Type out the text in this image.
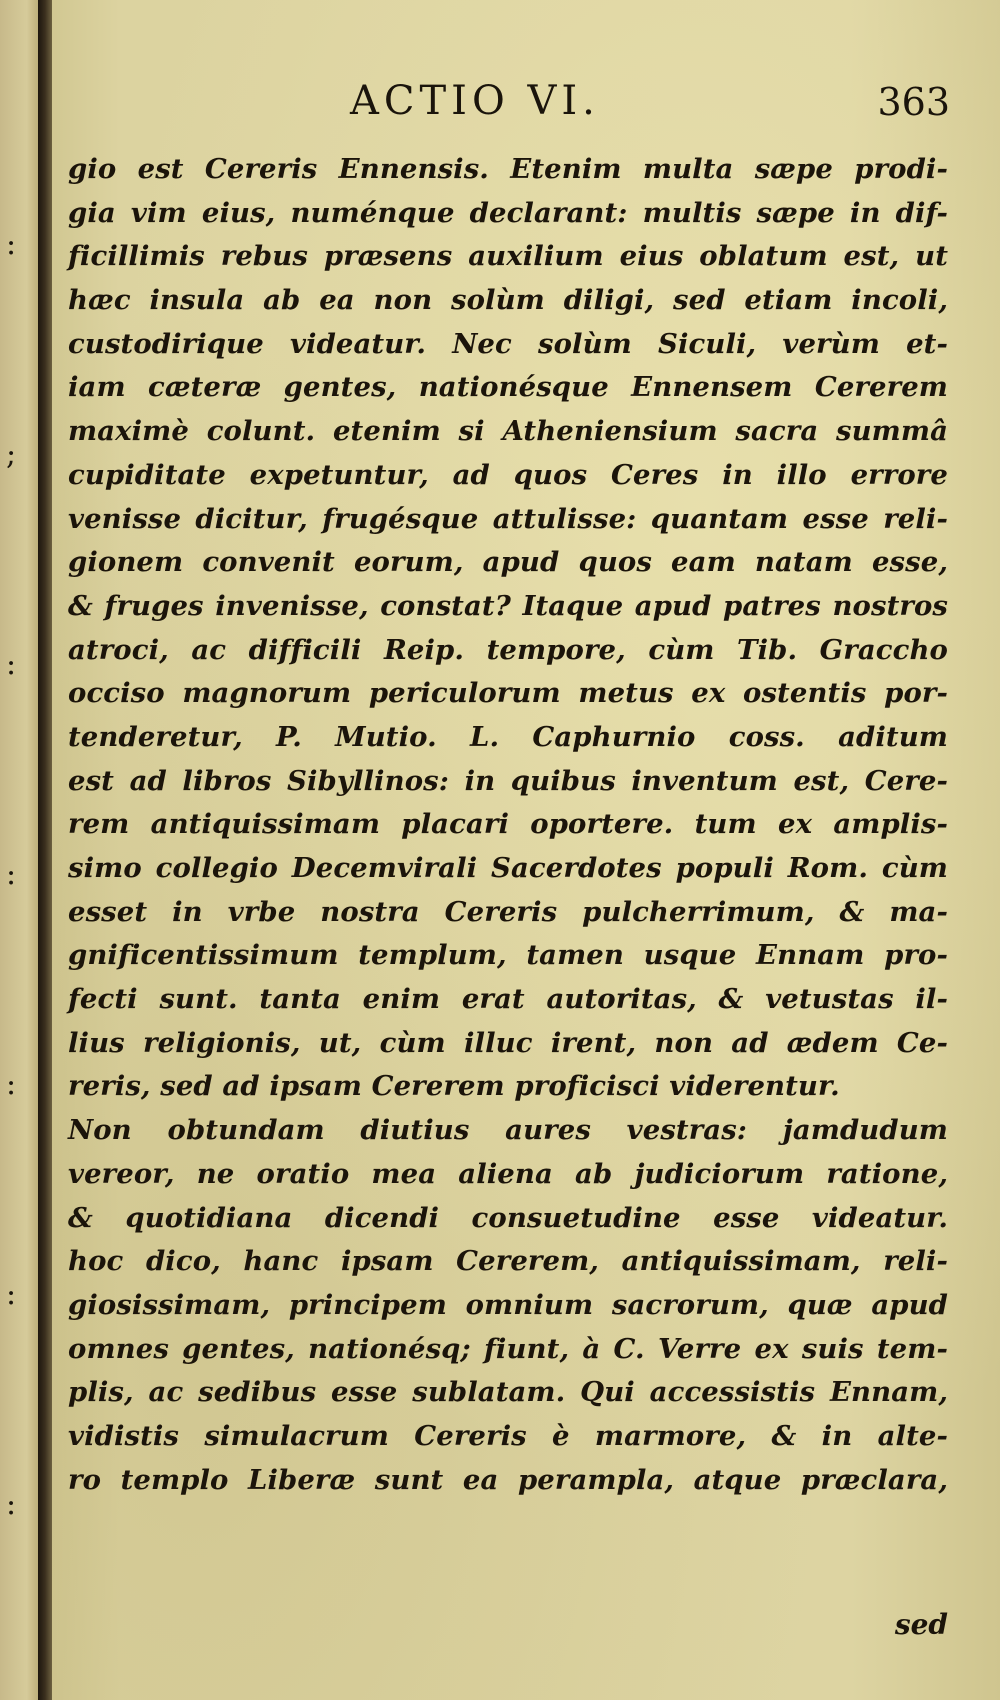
:
;
:
:
:
:
:
ACTIO VI.	363
gio est Cereris Ennensis. Etenim multa sæpe prodi-
gia vim eius, numénque declarant: multis sæpe in dif-
ficillimis rebus præsens auxilium eius oblatum est, ut
hæc insula ab ea non solùm diligi, sed etiam incoli,
custodirique videatur. Nec solùm Siculi, verùm et-
iam cæteræ gentes, nationésque Ennensem Cererem
maximè colunt. etenim si Atheniensium sacra summâ
cupiditate expetuntur, ad quos Ceres in illo errore
venisse dicitur, frugésque attulisse: quantam esse reli-
gionem convenit eorum, apud quos eam natam esse,
& fruges invenisse, constat? Itaque apud patres nostros
atroci, ac difficili Reip. tempore, cùm Tib. Graccho
occiso magnorum periculorum metus ex ostentis por-
tenderetur, P. Mutio. L. Caphurnio coss. aditum
est ad libros Sibyllinos: in quibus inventum est, Cere-
rem antiquissimam placari oportere. tum ex amplis-
simo collegio Decemvirali Sacerdotes populi Rom. cùm
esset in vrbe nostra Cereris pulcherrimum, & ma-
gnificentissimum templum, tamen usque Ennam pro-
fecti sunt. tanta enim erat autoritas, & vetustas il-
lius religionis, ut, cùm illuc irent, non ad ædem Ce-
reris, sed ad ipsam Cererem proficisci viderentur.
Non obtundam diutius aures vestras: jamdudum
vereor, ne oratio mea aliena ab judiciorum ratione,
& quotidiana dicendi consuetudine esse videatur.
hoc dico, hanc ipsam Cererem, antiquissimam, reli-
giosissimam, principem omnium sacrorum, quæ apud
omnes gentes, nationésq; fiunt, à C. Verre ex suis tem-
plis, ac sedibus esse sublatam. Qui accessistis Ennam,
vidistis simulacrum Cereris è marmore, & in alte-
ro templo Liberæ sunt ea perampla, atque præclara,
sed
